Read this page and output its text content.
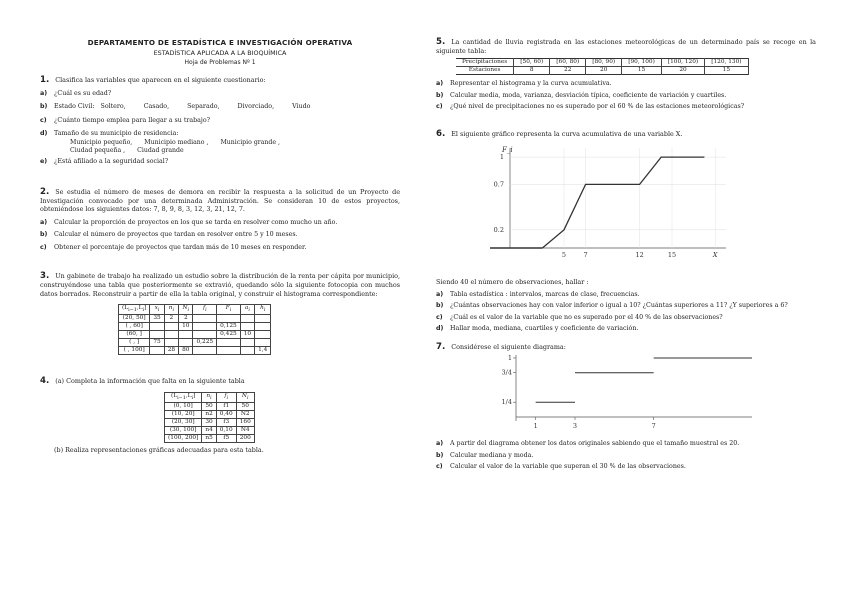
DEPARTAMENTO DE ESTADÍSTICA E INVESTIGACIÓN OPERATIVA
ESTADÍSTICA APLICADA A LA BIOQUÍMICA
Hoja de Problemas Nº 1
1. Clasifica las variables que aparecen en el siguiente cuestionario:
a)	¿Cuál es su edad?
b)	Estado Civil: Soltero,	Casado,	Separado,	Divorciado,	Viudo
c)	¿Cuánto tiempo emplea para llegar a su trabajo?
d)	Tamaño de su municipio de residencia:
Municipio pequeño, Municipio mediano , Municipio grande ,
Ciudad pequeña , Ciudad grande
e)	¿Está afiliado a la seguridad social?
2. Se estudia el número de meses de demora en recibir la respuesta a la solicitud de un Proyecto de Investigación convocado por una determinada Administración. Se consideran 10 de estos proyectos, obteniéndose los siguientes datos: 7, 8, 9, 8, 3, 12, 3, 21, 12, 7.
a)	Calcular la proporción de proyectos en los que se tarda en resolver como mucho un año.
b)	Calcular el número de proyectos que tardan en resolver entre 5 y 10 meses.
c)	Obtener el porcentaje de proyectos que tardan más de 10 meses en responder.
3. Un gabinete de trabajo ha realizado un estudio sobre la distribución de la renta per cápita por municipio, construyéndose una tabla que posteriormente se extravió, quedando sólo la siguiente fotocopia con muchos datos borrados. Reconstruir a partir de ella la tabla original, y construir el histograma correspondiente:
$(L_{i-1},L_i]$	$x_i$	$n_i$	$N_i$	$f_i$	$F_i$	$a_i$	$h_i$
(20, 50]	35	2	2				
( , 60]			10		0,125		
(60, ]					0,425	10	
( , ]	75			0,225			
( , 100]		28	80				1,4
4. (a) Completa la información que falta en la siguiente tabla
$(L_{i-1},L_i]$	$n_i$	$f_i$	$N_i$
(0, 10]	50	f1	50
(10, 20]	n2	0,40	N2
(20, 30]	30	f3	160
(30, 100]	n4	0,10	N4
(100, 200]	n5	f5	200
(b) Realiza representaciones gráficas adecuadas para esta tabla.
5. La cantidad de lluvia registrada en las estaciones meteorológicas de un determinado país se recoge en la siguiente tabla:
Precipitaciones	[50, 60)	[60, 80)	[80, 90)	[90, 100)	[100, 120)	[120, 130)
Estaciones	8	22	20	15	20	15
a)	Representar el histograma y la curva acumulativa.
b)	Calcular media, moda, varianza, desviación típica, coeficiente de variación y cuartiles.
c)	¿Qué nivel de precipitaciones no es superado por el 60 % de las estaciones meteorológicas?
6. El siguiente gráfico representa la curva acumulativa de una variable X.
0.2
0.7
1
F_i
5	7	12	15	X
Siendo 40 el número de observaciones, hallar :
a)	Tabla estadística : intervalos, marcas de clase, frecuencias.
b)	¿Cuántas observaciones hay con valor inferior o igual a 10? ¿Cuántas superiores a 11? ¿Y superiores a 6?
c)	¿Cuál es el valor de la variable que no es superado por el 40 % de las observaciones?
d)	Hallar moda, mediana, cuartiles y coeficiente de variación.
7. Considérese el siguiente diagrama:
1/4
3/4
1
1	3	7
a)	A partir del diagrama obtener los datos originales sabiendo que el tamaño muestral es 20.
b)	Calcular mediana y moda.
c)	Calcular el valor de la variable que superan el 30 % de las observaciones.
